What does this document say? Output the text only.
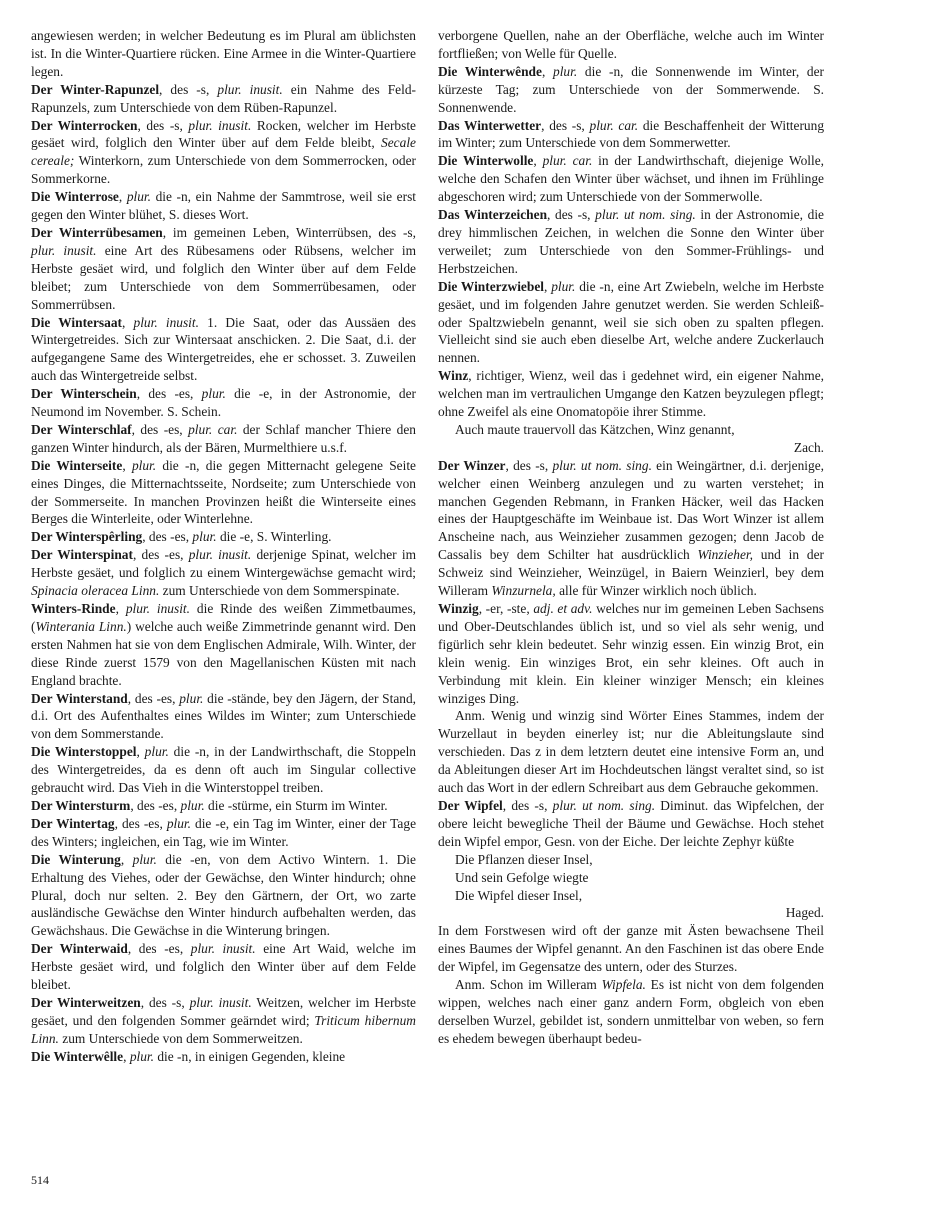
angewiesen werden; in welcher Bedeutung es im Plural am üblichsten ist. In die Winter-Quartiere rücken. Eine Armee in die Winter-Quartiere legen.

Der Winter-Rapunzel, des -s, plur. inusit. ein Nahme des Feld-Rapunzels, zum Unterschiede von dem Rüben-Rapunzel.

Der Winterrocken, des -s, plur. inusit. Rocken, welcher im Herbste gesäet wird, folglich den Winter über auf dem Felde bleibt, Secale cereale; Winterkorn, zum Unterschiede von dem Sommerrocken, oder Sommerkorne.

Die Winterrose, plur. die -n, ein Nahme der Sammtrose, weil sie erst gegen den Winter blühet, S. dieses Wort.

Der Winterrübesamen, im gemeinen Leben, Winterrübsen, des -s, plur. inusit. eine Art des Rübesamens oder Rübsens, welcher im Herbste gesäet wird, und folglich den Winter über auf dem Felde bleibet; zum Unterschiede von dem Sommerrübesamen, oder Sommerrübsen.

Die Wintersaat, plur. inusit. 1. Die Saat, oder das Aussäen des Wintergetreides. Sich zur Wintersaat anschicken. 2. Die Saat, d.i. der aufgegangene Same des Wintergetreides, ehe er schosset. 3. Zuweilen auch das Wintergetreide selbst.

Der Winterschein, des -es, plur. die -e, in der Astronomie, der Neumond im November. S. Schein.

Der Winterschlaf, des -es, plur. car. der Schlaf mancher Thiere den ganzen Winter hindurch, als der Bären, Murmelthiere u.s.f.

Die Winterseite, plur. die -n, die gegen Mitternacht gelegene Seite eines Dinges, die Mitternachtsseite, Nordseite; zum Unterschiede von der Sommerseite. In manchen Provinzen heißt die Winterseite eines Berges die Winterleite, oder Winterlehne.

Der Winterspêrling, des -es, plur. die -e, S. Winterling.

Der Winterspinat, des -es, plur. inusit. derjenige Spinat, welcher im Herbste gesäet, und folglich zu einem Wintergewächse gemacht wird; Spinacia oleracea Linn. zum Unterschiede von dem Sommerspinate.

Winters-Rinde, plur. inusit. die Rinde des weißen Zimmetbaumes, (Winterania Linn.) welche auch weiße Zimmetrinde genannt wird. Den ersten Nahmen hat sie von dem Englischen Admirale, Wilh. Winter, der diese Rinde zuerst 1579 von den Magellanischen Küsten mit nach England brachte.

Der Winterstand, des -es, plur. die -stände, bey den Jägern, der Stand, d.i. Ort des Aufenthaltes eines Wildes im Winter; zum Unterschiede von dem Sommerstande.

Die Winterstoppel, plur. die -n, in der Landwirthschaft, die Stoppeln des Wintergetreides, da es denn oft auch im Singular collective gebraucht wird. Das Vieh in die Winterstoppel treiben.

Der Wintersturm, des -es, plur. die -stürme, ein Sturm im Winter.

Der Wintertag, des -es, plur. die -e, ein Tag im Winter, einer der Tage des Winters; ingleichen, ein Tag, wie im Winter.

Die Winterung, plur. die -en, von dem Activo Wintern. 1. Die Erhaltung des Viehes, oder der Gewächse, den Winter hindurch; ohne Plural, doch nur selten. 2. Bey den Gärtnern, der Ort, wo zarte ausländische Gewächse den Winter hindurch aufbehalten werden, das Gewächshaus. Die Gewächse in die Winterung bringen.

Der Winterwaid, des -es, plur. inusit. eine Art Waid, welche im Herbste gesäet wird, und folglich den Winter über auf dem Felde bleibet.

Der Winterweitzen, des -s, plur. inusit. Weitzen, welcher im Herbste gesäet, und den folgenden Sommer geärndet wird; Triticum hibernum Linn. zum Unterschiede von dem Sommerweitzen.

Die Winterwêlle, plur. die -n, in einigen Gegenden, kleine

verborgene Quellen, nahe an der Oberfläche, welche auch im Winter fortfließen; von Welle für Quelle.

Die Winterwênde, plur. die -n, die Sonnenwende im Winter, der kürzeste Tag; zum Unterschiede von der Sommerwende. S. Sonnenwende.

Das Winterwetter, des -s, plur. car. die Beschaffenheit der Witterung im Winter; zum Unterschiede von dem Sommerwetter.

Die Winterwolle, plur. car. in der Landwirthschaft, diejenige Wolle, welche den Schafen den Winter über wächset, und ihnen im Frühlinge abgeschoren wird; zum Unterschiede von der Sommerwolle.

Das Winterzeichen, des -s, plur. ut nom. sing. in der Astronomie, die drey himmlischen Zeichen, in welchen die Sonne den Winter über verweilet; zum Unterschiede von den Sommer-Frühlings- und Herbstzeichen.

Die Winterzwiebel, plur. die -n, eine Art Zwiebeln, welche im Herbste gesäet, und im folgenden Jahre genutzet werden. Sie werden Schleiß- oder Spaltzwiebeln genannt, weil sie sich oben zu spalten pflegen. Vielleicht sind sie auch eben dieselbe Art, welche andere Zuckerlauch nennen.

Winz, richtiger, Wienz, weil das i gedehnet wird, ein eigener Nahme, welchen man im vertraulichen Umgange den Katzen beyzulegen pflegt; ohne Zweifel als eine Onomatopöie ihrer Stimme.

Auch maute trauervoll das Kätzchen, Winz genannt,

Zach.

Der Winzer, des -s, plur. ut nom. sing. ein Weingärtner, d.i. derjenige, welcher einen Weinberg anzulegen und zu warten verstehet; in manchen Gegenden Rebmann, in Franken Häcker, weil das Hacken eines der Hauptgeschäfte im Weinbaue ist. Das Wort Winzer ist allem Anscheine nach, aus Weinzieher zusammen gezogen; denn Jacob de Cassalis bey dem Schilter hat ausdrücklich Winzieher, und in der Schweiz sind Weinzieher, Weinzügel, in Baiern Weinzierl, bey dem Willeram Winzurnela, alle für Winzer wirklich noch üblich.

Winzig, -er, -ste, adj. et adv. welches nur im gemeinen Leben Sachsens und Ober-Deutschlandes üblich ist, und so viel als sehr wenig, und figürlich sehr klein bedeutet. Sehr winzig essen. Ein winzig Brot, ein klein wenig. Ein winziges Brot, ein sehr kleines. Oft auch in Verbindung mit klein. Ein kleiner winziger Mensch; ein kleines winziges Ding.

Anm. Wenig und winzig sind Wörter Eines Stammes, indem der Wurzellaut in beyden einerley ist; nur die Ableitungslaute sind verschieden. Das z in dem letztern deutet eine intensive Form an, und da Ableitungen dieser Art im Hochdeutschen längst veraltet sind, so ist auch das Wort in der edlern Schreibart aus dem Gebrauche gekommen.

Der Wipfel, des -s, plur. ut nom. sing. Diminut. das Wipfelchen, der obere leicht bewegliche Theil der Bäume und Gewächse. Hoch stehet dein Wipfel empor, Gesn. von der Eiche. Der leichte Zephyr küßte

Die Pflanzen dieser Insel,

Und sein Gefolge wiegte

Die Wipfel dieser Insel,

Haged.

In dem Forstwesen wird oft der ganze mit Ästen bewachsene Theil eines Baumes der Wipfel genannt. An den Faschinen ist das obere Ende der Wipfel, im Gegensatze des untern, oder des Sturzes.

Anm. Schon im Willeram Wipfela. Es ist nicht von dem folgenden wippen, welches nach einer ganz andern Form, obgleich von eben derselben Wurzel, gebildet ist, sondern unmittelbar von weben, so fern es ehedem bewegen überhaupt bedeu-

514
